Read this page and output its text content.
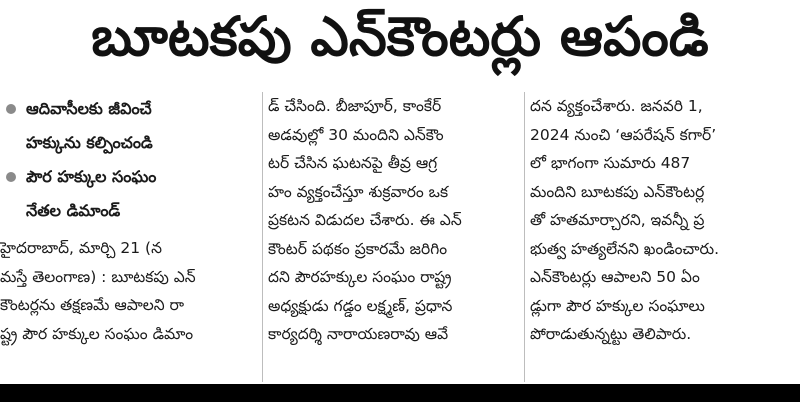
బూటకపు ఎన్‌కౌంటర్లు ఆపండి
ఆదివాసీలకు జీవించే
హక్కును కల్పించండి
పౌర హక్కుల సంఘం
నేతల డిమాండ్
హైదరాబాద్, మార్చి 21 (న
మస్తే తెలంగాణ) : బూటకపు ఎన్
కౌంటర్లను తక్షణమే ఆపాలని రా
ష్ట్ర పౌర హక్కుల సంఘం డిమాం
డ్ చేసింది. బీజాపూర్, కాంకేర్
అడవుల్లో 30 మందిని ఎన్‌కౌం
టర్ చేసిన ఘటనపై తీవ్ర ఆగ్ర
హం వ్యక్తంచేస్తూ శుక్రవారం ఒక
ప్రకటన విడుదల చేశారు. ఈ ఎన్
కౌంటర్ పథకం ప్రకారమే జరిగిం
దని పౌరహక్కుల సంఘం రాష్ట్ర
అధ్యక్షుడు గడ్డం లక్ష్మణ్, ప్రధాన
కార్యదర్శి నారాయణరావు ఆవే
దన వ్యక్తంచేశారు. జనవరి 1,
2024 నుంచి ‘ఆపరేషన్ కగార్’
లో భాగంగా సుమారు 487
మందిని బూటకపు ఎన్‌కౌంటర్ల
తో హతమార్చారని, ఇవన్నీ ప్ర
భుత్వ హత్యలేనని ఖండించారు.
ఎన్‌కౌంటర్లు ఆపాలని 50 ఏం
డ్లుగా పౌర హక్కుల సంఘాలు
పోరాడుతున్నట్టు తెలిపారు.
